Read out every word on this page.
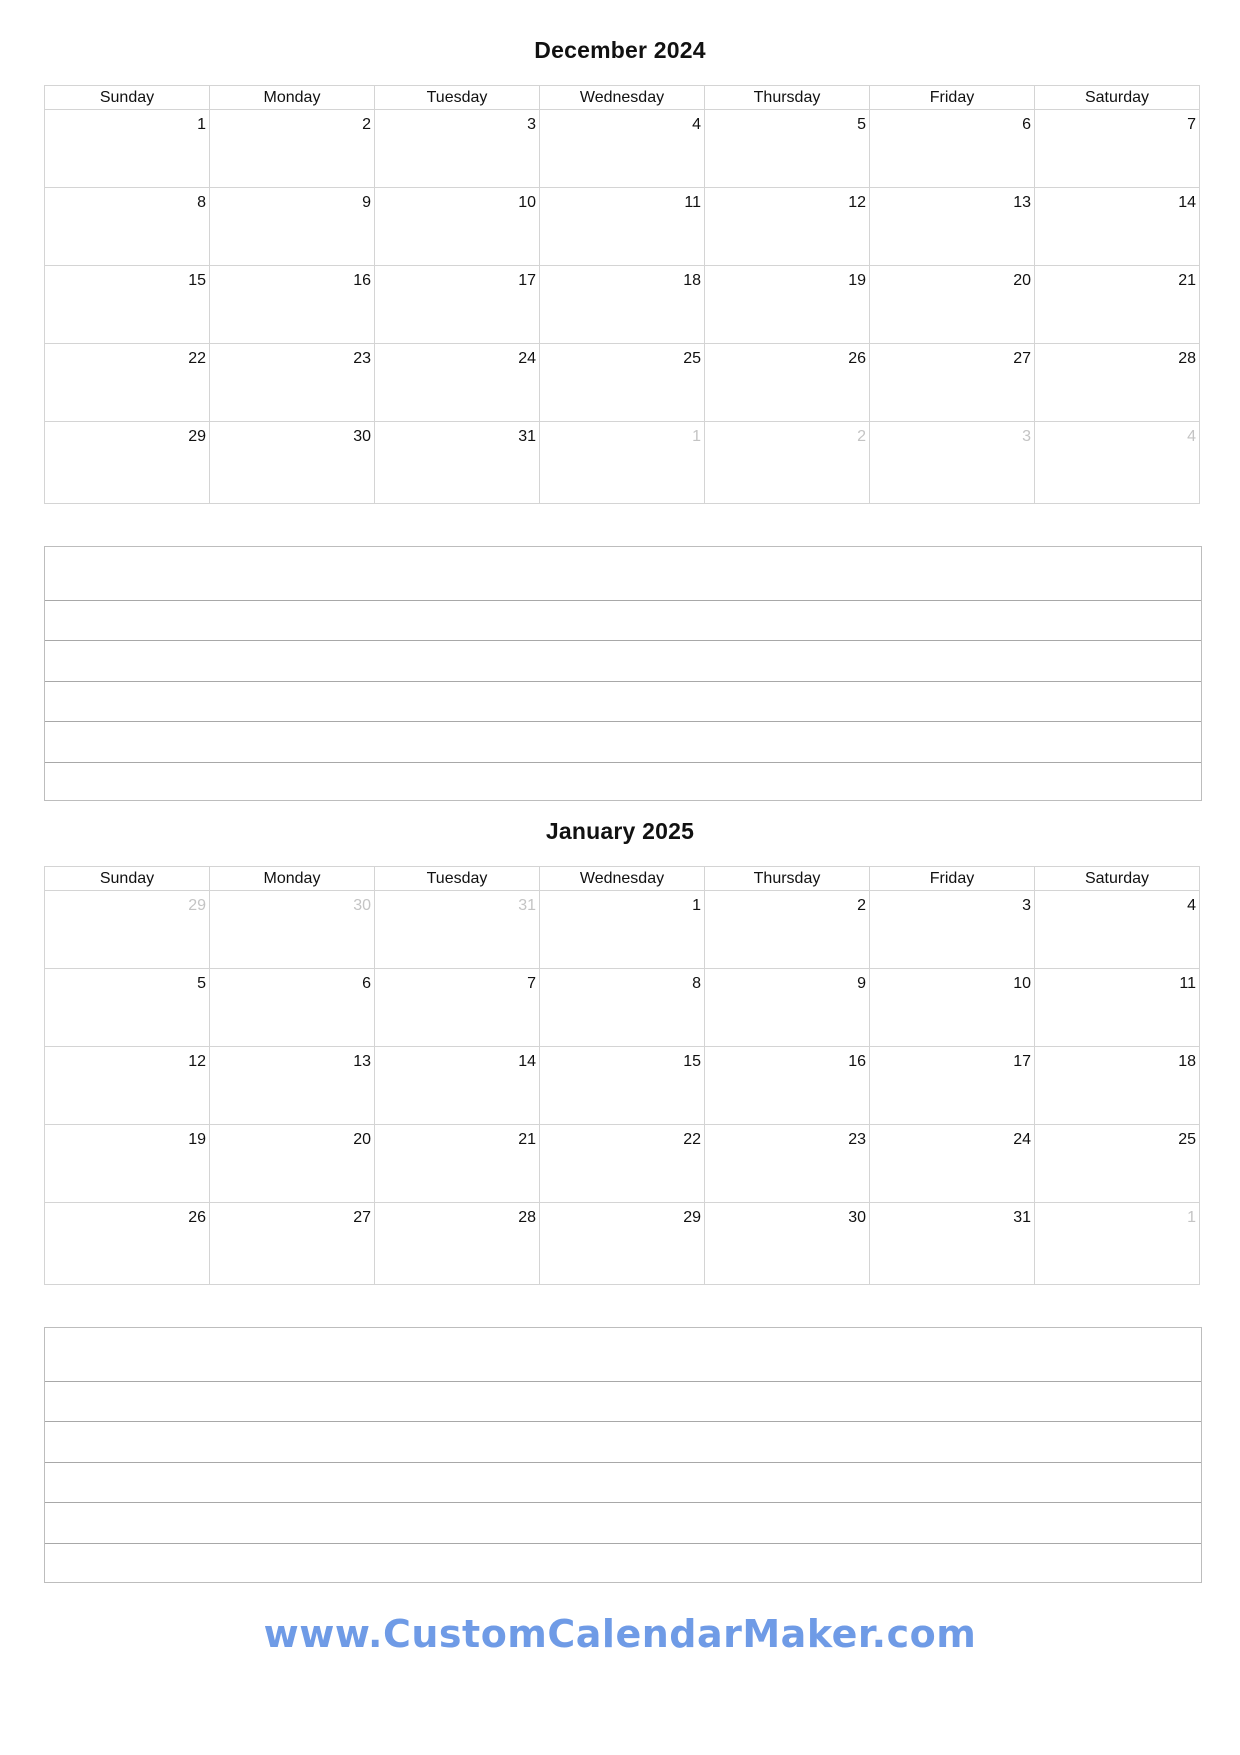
December 2024
Sunday	Monday	Tuesday	Wednesday	Thursday	Friday	Saturday

1	2	3	4	5	6	7

8	9	10	11	12	13	14

15	16	17	18	19	20	21

22	23	24	25	26	27	28

29	30	31	1	2	3	4
January 2025
Sunday	Monday	Tuesday	Wednesday	Thursday	Friday	Saturday

29	30	31	1	2	3	4

5	6	7	8	9	10	11

12	13	14	15	16	17	18

19	20	21	22	23	24	25

26	27	28	29	30	31	1
www.CustomCalendarMaker.com
